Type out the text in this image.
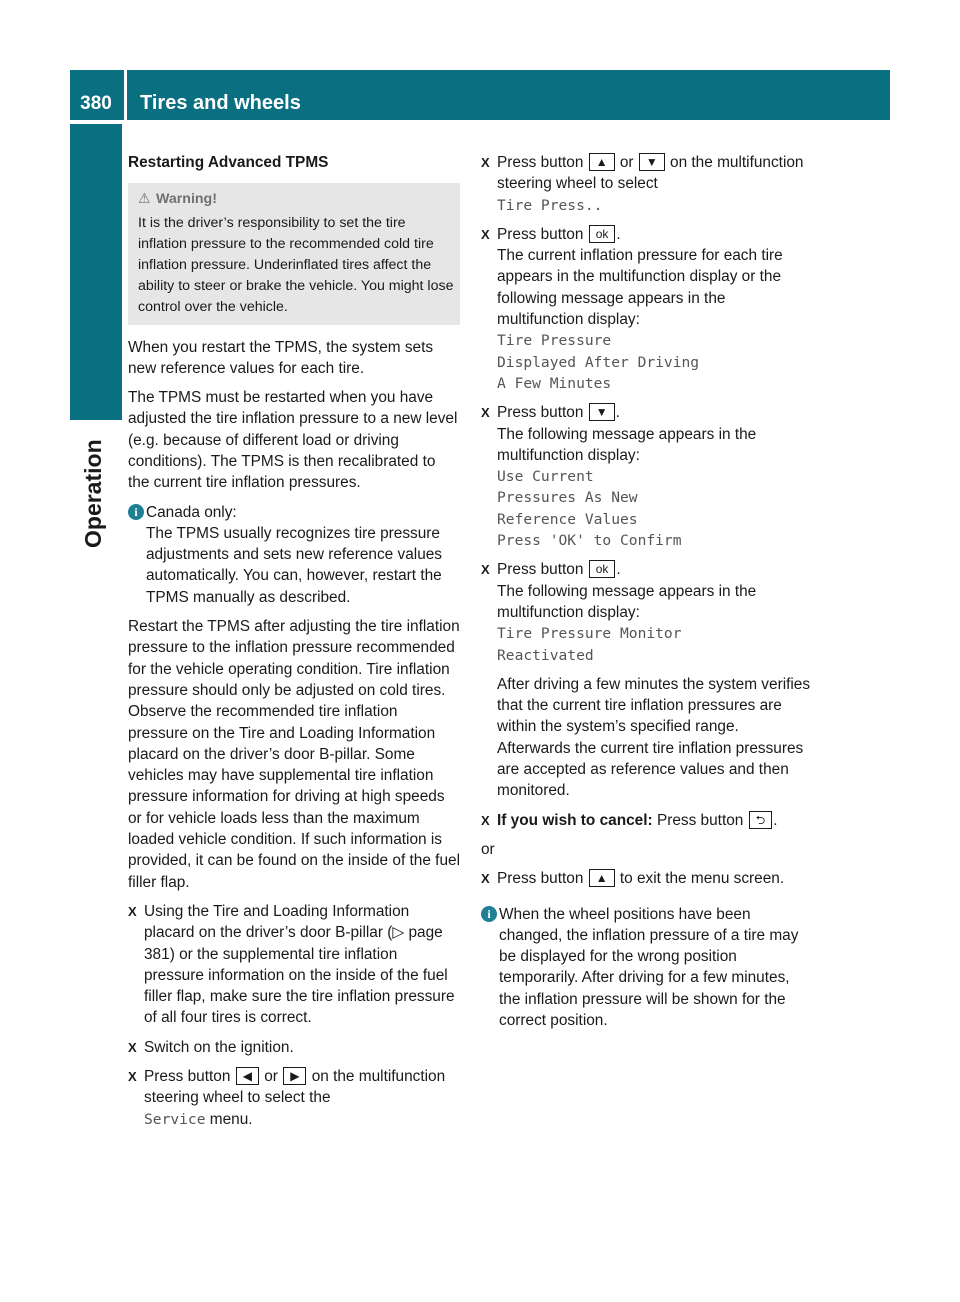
380	Tires and wheels
Operation

Restarting Advanced TPMS

⚠ Warning!
It is the driver’s responsibility to set the tire inflation pressure to the recommended cold tire inflation pressure. Underinflated tires affect the ability to steer or brake the vehicle. You might lose control over the vehicle.

When you restart the TPMS, the system sets new reference values for each tire.

The TPMS must be restarted when you have adjusted the tire inflation pressure to a new level (e.g. because of different load or driving conditions). The TPMS is then recalibrated to the current tire inflation pressures.

i Canada only:
The TPMS usually recognizes tire pressure adjustments and sets new reference values automatically. You can, however, restart the TPMS manually as described.

Restart the TPMS after adjusting the tire inflation pressure to the inflation pressure recommended for the vehicle operating condition. Tire inflation pressure should only be adjusted on cold tires. Observe the recommended tire inflation pressure on the Tire and Loading Information placard on the driver’s door B-pillar. Some vehicles may have supplemental tire inflation pressure information for driving at high speeds or for vehicle loads less than the maximum loaded vehicle condition. If such information is provided, it can be found on the inside of the fuel filler flap.

X Using the Tire and Loading Information placard on the driver’s door B-pillar (▷ page 381) or the supplemental tire inflation pressure information on the inside of the fuel filler flap, make sure the tire inflation pressure of all four tires is correct.
X Switch on the ignition.
X Press button ◀ or ▶ on the multifunction steering wheel to select the
Service menu.
X Press button ▲ or ▼ on the multifunction steering wheel to select
Tire Press..
X Press button ok .
The current inflation pressure for each tire appears in the multifunction display or the following message appears in the multifunction display:
Tire Pressure
Displayed After Driving
A Few Minutes
X Press button ▼ .
The following message appears in the multifunction display:
Use Current
Pressures As New
Reference Values
Press 'OK' to Confirm
X Press button ok .
The following message appears in the multifunction display:
Tire Pressure Monitor
Reactivated
After driving a few minutes the system verifies that the current tire inflation pressures are within the system’s specified range. Afterwards the current tire inflation pressures are accepted as reference values and then monitored.
X If you wish to cancel: Press button ⮌ .

or

X Press button ▲ to exit the menu screen.
i When the wheel positions have been changed, the inflation pressure of a tire may be displayed for the wrong position temporarily. After driving for a few minutes, the inflation pressure will be shown for the correct position.
